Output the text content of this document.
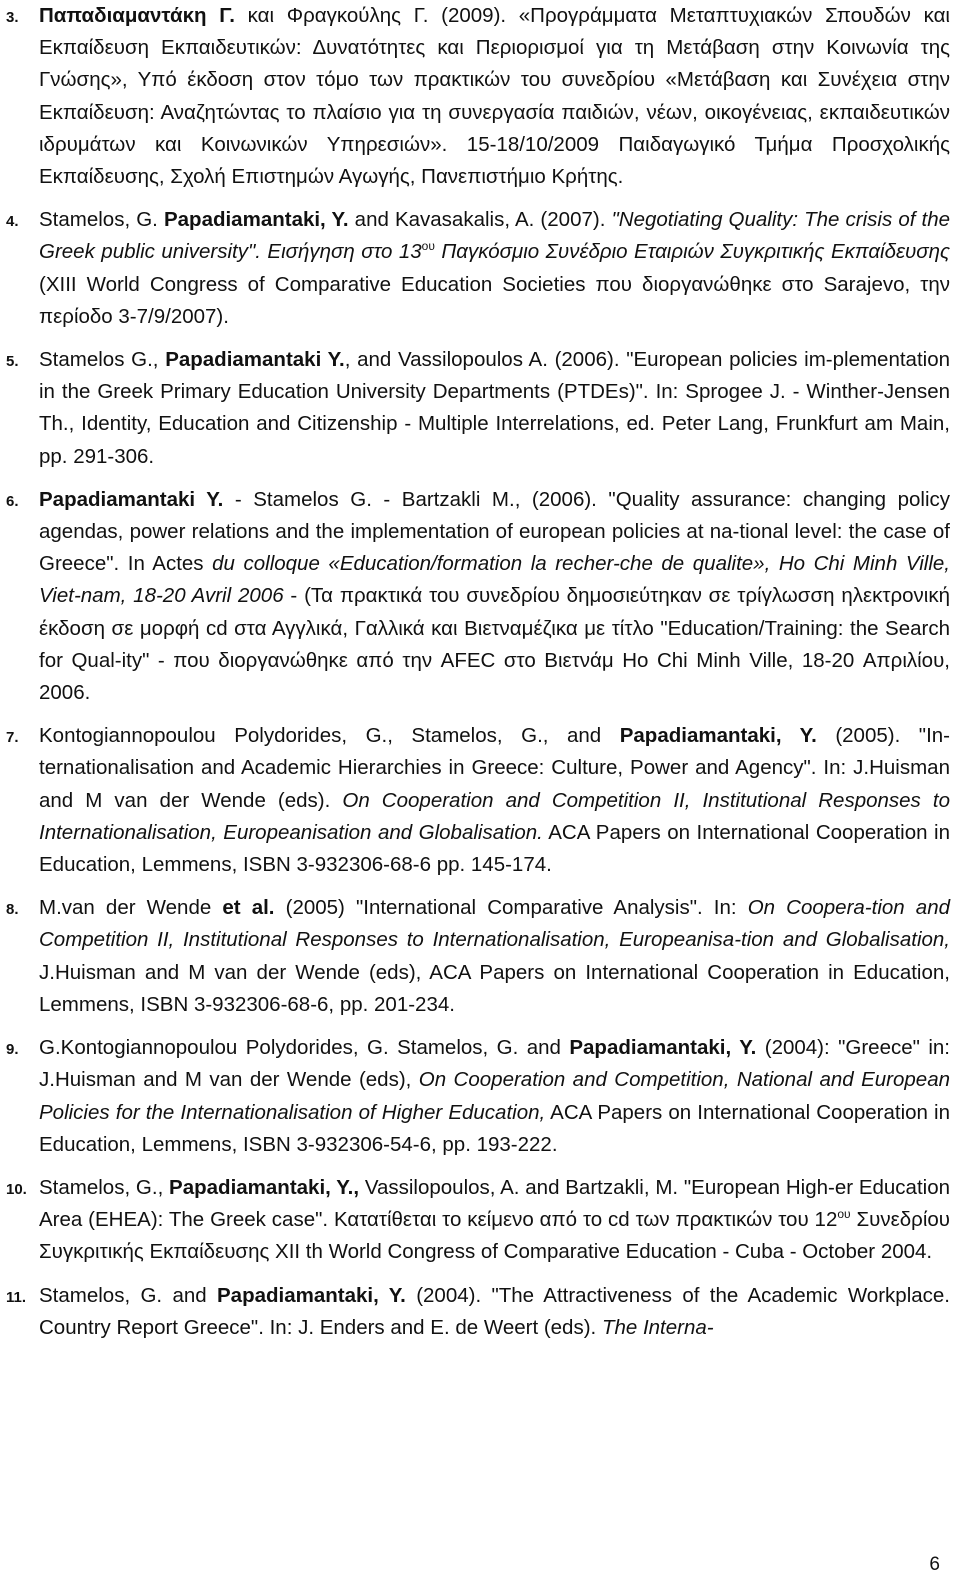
3. Παπαδιαμαντάκη Γ. και Φραγκούλης Γ. (2009). «Προγράμματα Μεταπτυχιακών Σπουδών και Εκπαίδευση Εκπαιδευτικών: Δυνατότητες και Περιορισμοί για τη Μετάβαση στην Κοινωνία της Γνώσης», Υπό έκδοση στον τόμο των πρακτικών του συνεδρίου «Μετάβαση και Συνέχεια στην Εκπαίδευση: Αναζητώντας το πλαίσιο για τη συνεργασία παιδιών, νέων, οικογένειας, εκπαιδευτικών ιδρυμάτων και Κοινωνικών Υπηρεσιών». 15-18/10/2009 Παιδαγωγικό Τμήμα Προσχολικής Εκπαίδευσης, Σχολή Επιστημών Αγωγής, Πανεπιστήμιο Κρήτης.
4. Stamelos, G. Papadiamantaki, Y. and Kavasakalis, A. (2007). "Negotiating Quality: The crisis of the Greek public university". Εισήγηση στο $13^{o\upsilon}$ Παγκόσμιο Συνέδριο Εταιριών Συγκριτικής Εκπαίδευσης (XIII World Congress of Comparative Education Societies που διοργανώθηκε στο Sarajevo, την περίοδο 3-7/9/2007).
5. Stamelos G., Papadiamantaki Y., and Vassilopoulos A. (2006). "European policies im-plementation in the Greek Primary Education University Departments (PTDEs)". In: Sprogee J. - Winther-Jensen Th., Identity, Education and Citizenship - Multiple Interrelations, ed. Peter Lang, Frunkfurt am Main, pp. 291-306.
6. Papadiamantaki Y. - Stamelos G. - Bartzakli M., (2006). "Quality assurance: changing policy agendas, power relations and the implementation of european policies at na-tional level: the case of Greece". In Actes du colloque «Education/formation la recher-che de qualite», Ho Chi Minh Ville, Viet-nam, 18-20 Avril 2006 - (Τα πρακτικά του συνεδρίου δημοσιεύτηκαν σε τρίγλωσση ηλεκτρονική έκδοση σε μορφή cd στα Αγγλικά, Γαλλικά και Βιετναμέζικα με τίτλο "Education/Training: the Search for Qual-ity" - που διοργανώθηκε από την AFEC στο Βιετνάμ Ho Chi Minh Ville, 18-20 Απριλίου, 2006.
7. Kontogiannopoulou Polydorides, G., Stamelos, G., and Papadiamantaki, Y. (2005). "In- ternationalisation and Academic Hierarchies in Greece: Culture, Power and Agency". In: J.Huisman and M van der Wende (eds). On Cooperation and Competition II, Institutional Responses to Internationalisation, Europeanisation and Globalisation. ACA Papers on International Cooperation in Education, Lemmens, ISBN 3-932306-68-6 pp. 145-174.
8. M.van der Wende et al. (2005) "International Comparative Analysis". In: On Coopera-tion and Competition II, Institutional Responses to Internationalisation, Europeanisa-tion and Globalisation, J.Huisman and M van der Wende (eds), ACA Papers on International Cooperation in Education, Lemmens, ISBN 3-932306-68-6, pp. 201-234.
9. G.Kontogiannopoulou Polydorides, G. Stamelos, G. and Papadiamantaki, Y. (2004): "Greece" in: J.Huisman and M van der Wende (eds), On Cooperation and Competition, National and European Policies for the Internationalisation of Higher Education, ACA Papers on International Cooperation in Education, Lemmens, ISBN 3-932306-54-6, pp. 193-222.
10. Stamelos, G., Papadiamantaki, Y., Vassilopoulos, A. and Bartzakli, M. "European High-er Education Area (EHEA): The Greek case". Κατατίθεται το κείμενο από το cd των πρακτικών του $12^{o\upsilon}$ Συνεδρίου Συγκριτικής Εκπαίδευσης XII th World Congress of Comparative Education - Cuba - October 2004.
11. Stamelos, G. and Papadiamantaki, Y. (2004). "The Attractiveness of the Academic Workplace. Country Report Greece". In: J. Enders and E. de Weert (eds). The Interna-
6
